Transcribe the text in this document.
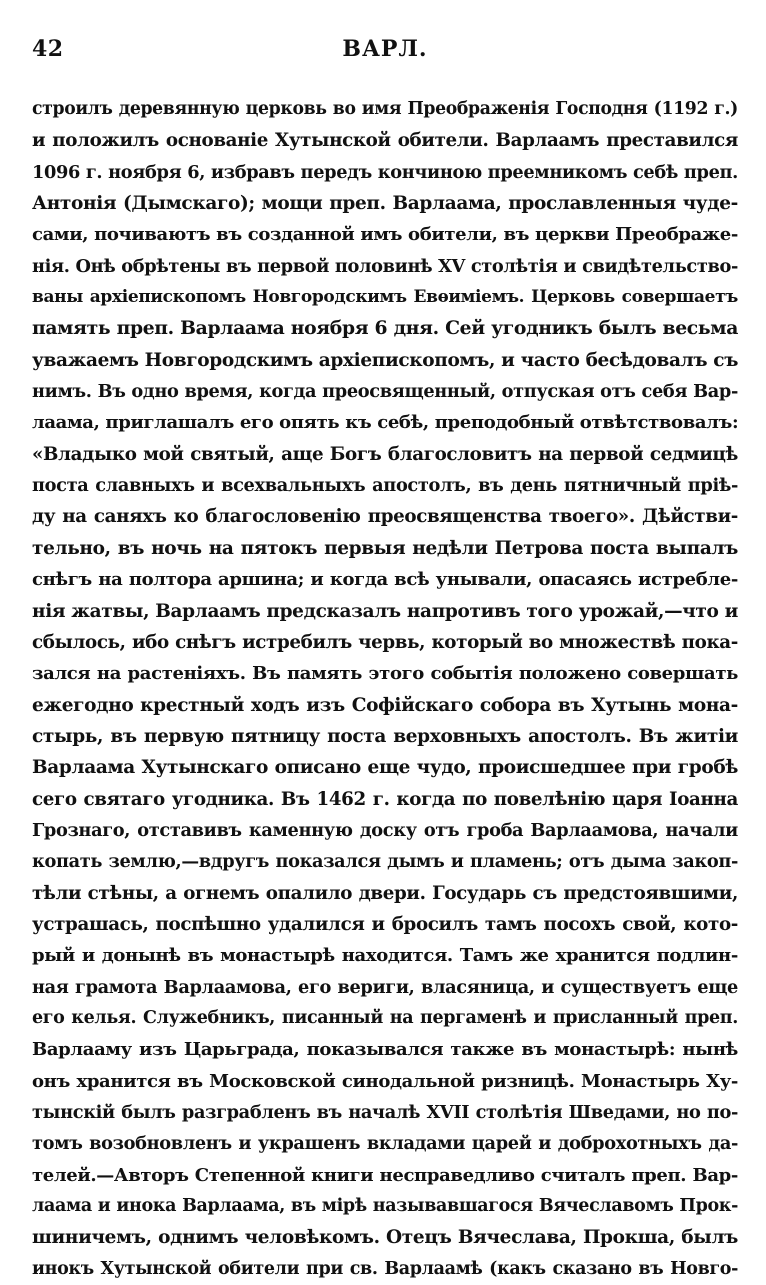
42	ВАРЛ.
строилъ деревянную церковь во имя Преображенія Господня (1192 г.)
и положилъ основаніе Хутынской обители. Варлаамъ преставился
1096 г. ноября 6, избравъ передъ кончиною преемникомъ себѣ преп.
Антонія (Дымскаго); мощи преп. Варлаама, прославленныя чуде-
сами, почиваютъ въ созданной имъ обители, въ церкви Преображе-
нія. Онѣ обрѣтены въ первой половинѣ XV столѣтія и свидѣтельство-
ваны архіепископомъ Новгородскимъ Евѳиміемъ. Церковь совершаетъ
память преп. Варлаама ноября 6 дня. Сей угодникъ былъ весьма
уважаемъ Новгородскимъ архіепископомъ, и часто бесѣдовалъ съ
нимъ. Въ одно время, когда преосвященный, отпуская отъ себя Вар-
лаама, приглашалъ его опять къ себѣ, преподобный отвѣтствовалъ:
«Владыко мой святый, аще Богъ благословитъ на первой седмицѣ
поста славныхъ и всехвальныхъ апостолъ, въ день пятничный пріѣ-
ду на саняхъ ко благословенію преосвященства твоего». Дѣйстви-
тельно, въ ночь на пятокъ первыя недѣли Петрова поста выпалъ
снѣгъ на полтора аршина; и когда всѣ унывали, опасаясь истребле-
нія жатвы, Варлаамъ предсказалъ напротивъ того урожай,—что и
сбылось, ибо снѣгъ истребилъ червь, который во множествѣ пока-
зался на растеніяхъ. Въ память этого событія положено совершать
ежегодно крестный ходъ изъ Софійскаго собора въ Хутынь мона-
стырь, въ первую пятницу поста верховныхъ апостолъ. Въ житіи
Варлаама Хутынскаго описано еще чудо, происшедшее при гробѣ
сего святаго угодника. Въ 1462 г. когда по повелѣнію царя Іоанна
Грознаго, отставивъ каменную доску отъ гроба Варлаамова, начали
копать землю,—вдругъ показался дымъ и пламень; отъ дыма закоп-
тѣли стѣны, а огнемъ опалило двери. Государь съ предстоявшими,
устрашась, поспѣшно удалился и бросилъ тамъ посохъ свой, кото-
рый и донынѣ въ монастырѣ находится. Тамъ же хранится подлин-
ная грамота Варлаамова, его вериги, власяница, и существуетъ еще
его келья. Служебникъ, писанный на пергаменѣ и присланный преп.
Варлааму изъ Царьграда, показывался также въ монастырѣ: нынѣ
онъ хранится въ Московской синодальной ризницѣ. Монастырь Ху-
тынскій былъ разграбленъ въ началѣ XVII столѣтія Шведами, но по-
томъ возобновленъ и украшенъ вкладами царей и доброхотныхъ да-
телей.—Авторъ Степенной книги несправедливо считалъ преп. Вар-
лаама и инока Варлаама, въ мірѣ называвшагося Вячеславомъ Прок-
шиничемъ, однимъ человѣкомъ. Отецъ Вячеслава, Прокша, былъ
инокъ Хутынской обители при св. Варлаамѣ (какъ сказано въ Новго-
